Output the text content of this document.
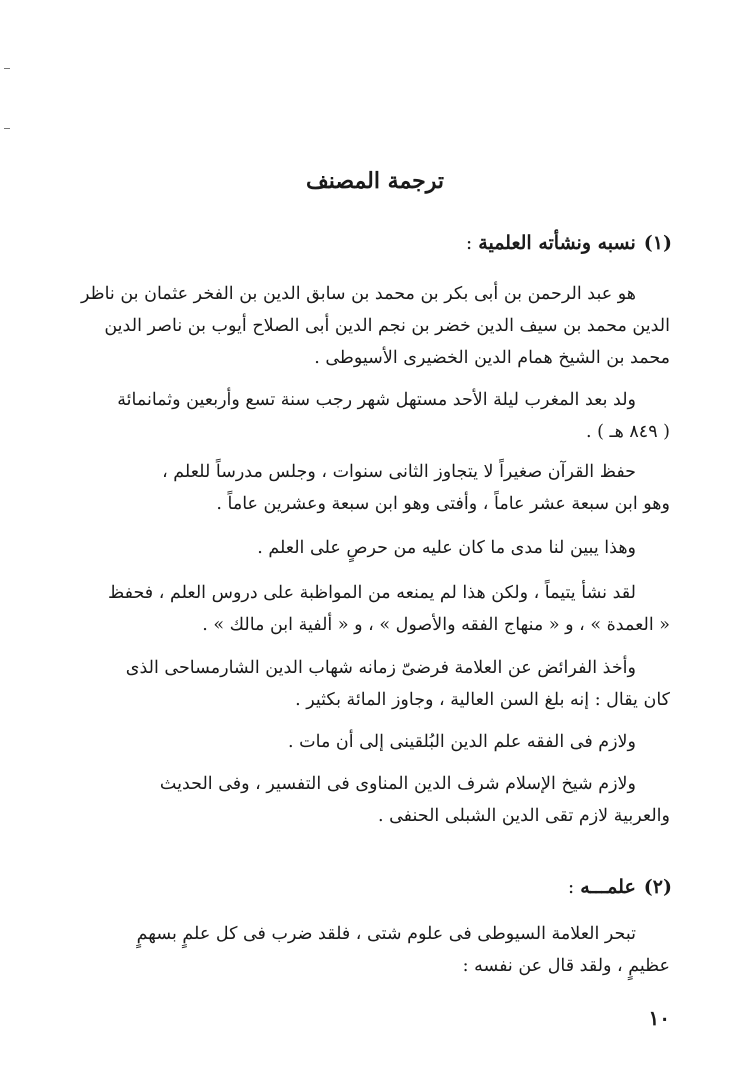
ترجمة المصنف
(١)نسبه ونشأته العلمية:

هو عبد الرحمن بن أبى بكر بن محمد بن سابق الدين بن الفخر عثمان بن ناظر
الدين محمد بن سيف الدين خضر بن نجم الدين أبى الصلاح أيوب بن ناصر الدين
محمد بن الشيخ همام الدين الخضيرى الأسيوطى .

ولد بعد المغرب ليلة الأحد مستهل شهر رجب سنة تسع وأربعين وثمانمائة
( ٨٤٩ هـ ) .

حفظ القرآن صغيراً لا يتجاوز الثانى سنوات ، وجلس مدرساً للعلم ،
وهو ابن سبعة عشر عاماً ، وأفتى وهو ابن سبعة وعشرين عاماً .

وهذا يبين لنا مدى ما كان عليه من حرصٍ على العلم .

لقد نشأ يتيماً ، ولكن هذا لم يمنعه من المواظبة على دروس العلم ، فحفظ
« العمدة » ، و « منهاج الفقه والأصول » ، و « ألفية ابن مالك » .

وأخذ الفرائض عن العلامة فرضىّ زمانه شهاب الدين الشارمساحى الذى
كان يقال : إنه بلغ السن العالية ، وجاوز المائة بكثير .

ولازم فى الفقه علم الدين البُلقينى إلى أن مات .

ولازم شيخ الإسلام شرف الدين المناوى فى التفسير ، وفى الحديث
والعربية لازم تقى الدين الشبلى الحنفى .

(٢)علمـــه:

تبحر العلامة السيوطى فى علوم شتى ، فلقد ضرب فى كل علمٍ بسهمٍ
عظيمٍ ، ولقد قال عن نفسه :

١٠
